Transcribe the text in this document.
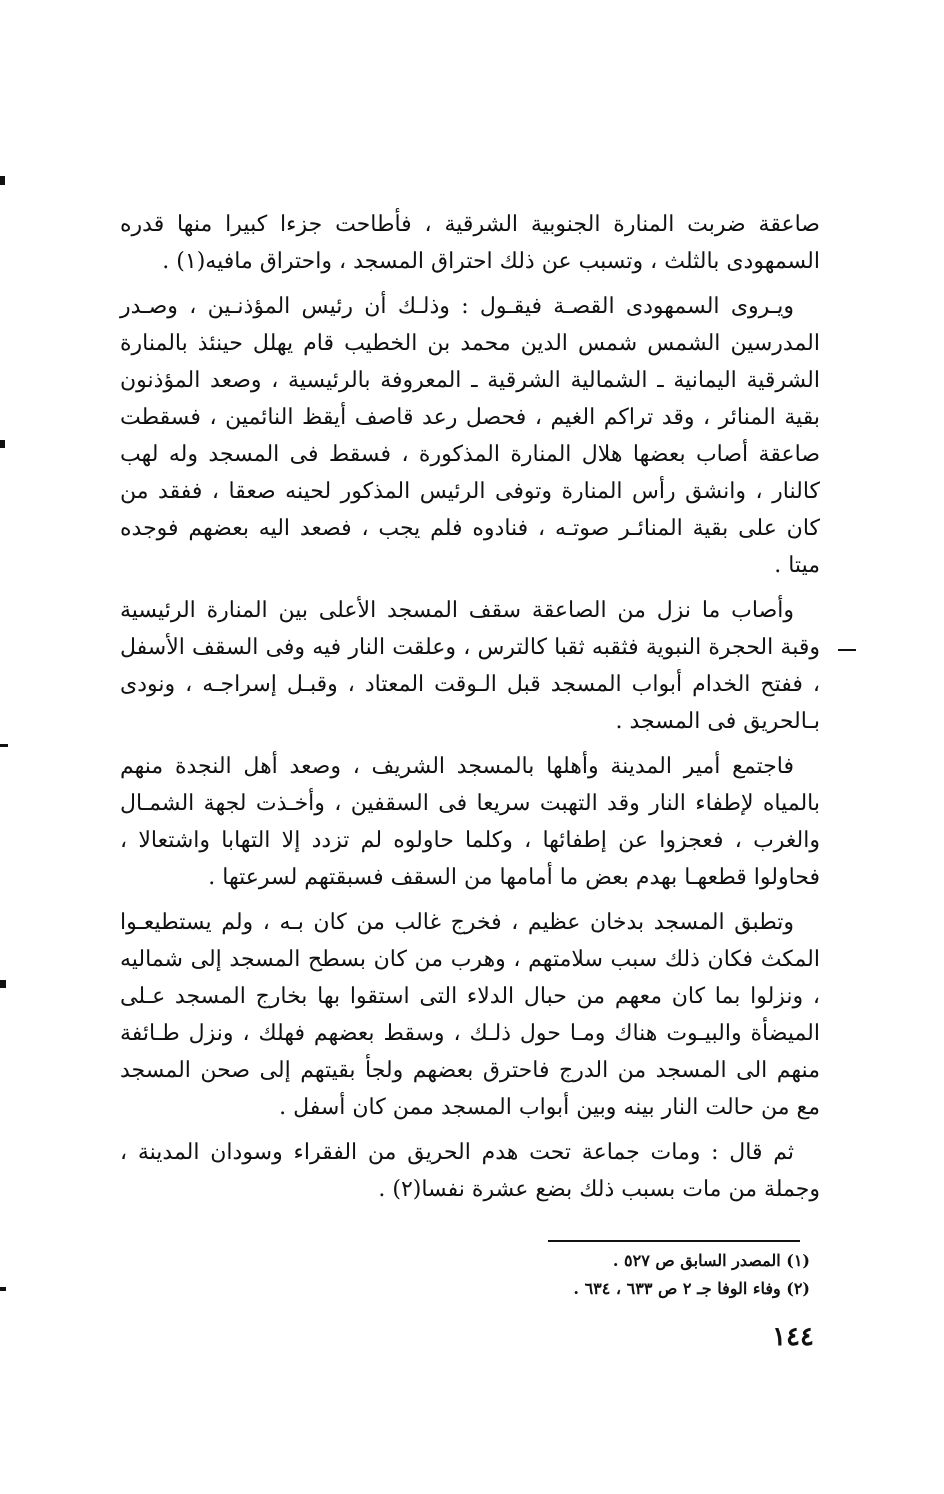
صاعقة ضربت المنارة الجنوبية الشرقية ، فأطاحت جزءا كبيرا منها قدره السمهودى بالثلث ، وتسبب عن ذلك احتراق المسجد ، واحتراق مافيه(١) .

ويـروى السمهودى القصـة فيقـول : وذلـك أن رئيس المؤذنـين ، وصـدر المدرسين الشمس شمس الدين محمد بن الخطيب قام يهلل حينئذ بالمنارة الشرقية اليمانية ـ الشمالية الشرقية ـ المعروفة بالرئيسية ، وصعد المؤذنون بقية المنائر ، وقد تراكم الغيم ، فحصل رعد قاصف أيقظ النائمين ، فسقطت صاعقة أصاب بعضها هلال المنارة المذكورة ، فسقط فى المسجد وله لهب كالنار ، وانشق رأس المنارة وتوفى الرئيس المذكور لحينه صعقا ، ففقد من كان على بقية المنائـر صوتـه ، فنادوه فلم يجب ، فصعد اليه بعضهم فوجده ميتا .

وأصاب ما نزل من الصاعقة سقف المسجد الأعلى بين المنارة الرئيسية وقبة الحجرة النبوية فثقبه ثقبا كالترس ، وعلقت النار فيه وفى السقف الأسفل ، ففتح الخدام أبواب المسجد قبل الـوقت المعتاد ، وقبـل إسراجـه ، ونودى بـالحريق فى المسجد .

فاجتمع أمير المدينة وأهلها بالمسجد الشريف ، وصعد أهل النجدة منهم بالمياه لإطفاء النار وقد التهبت سريعا فى السقفين ، وأخـذت لجهة الشمـال والغرب ، فعجزوا عن إطفائها ، وكلما حاولوه لم تزدد إلا التهابا واشتعالا ، فحاولوا قطعهـا بهدم بعض ما أمامها من السقف فسبقتهم لسرعتها .

وتطبق المسجد بدخان عظيم ، فخرج غالب من كان بـه ، ولم يستطيعـوا المكث فكان ذلك سبب سلامتهم ، وهرب من كان بسطح المسجد إلى شماليه ، ونزلوا بما كان معهم من حبال الدلاء التى استقوا بها بخارج المسجد عـلى الميضأة والبيـوت هناك ومـا حول ذلـك ، وسقط بعضهم فهلك ، ونزل طـائفة منهم الى المسجد من الدرج فاحترق بعضهم ولجأ بقيتهم إلى صحن المسجد مع من حالت النار بينه وبين أبواب المسجد ممن كان أسفل .

ثم قال : ومات جماعة تحت هدم الحريق من الفقراء وسودان المدينة ، وجملة من مات بسبب ذلك بضع عشرة نفسا(٢) .

(١) المصدر السابق ص ٥٢٧ .

(٢) وفاء الوفا جـ ٢ ص ٦٣٣ ، ٦٣٤ .

١٤٤
